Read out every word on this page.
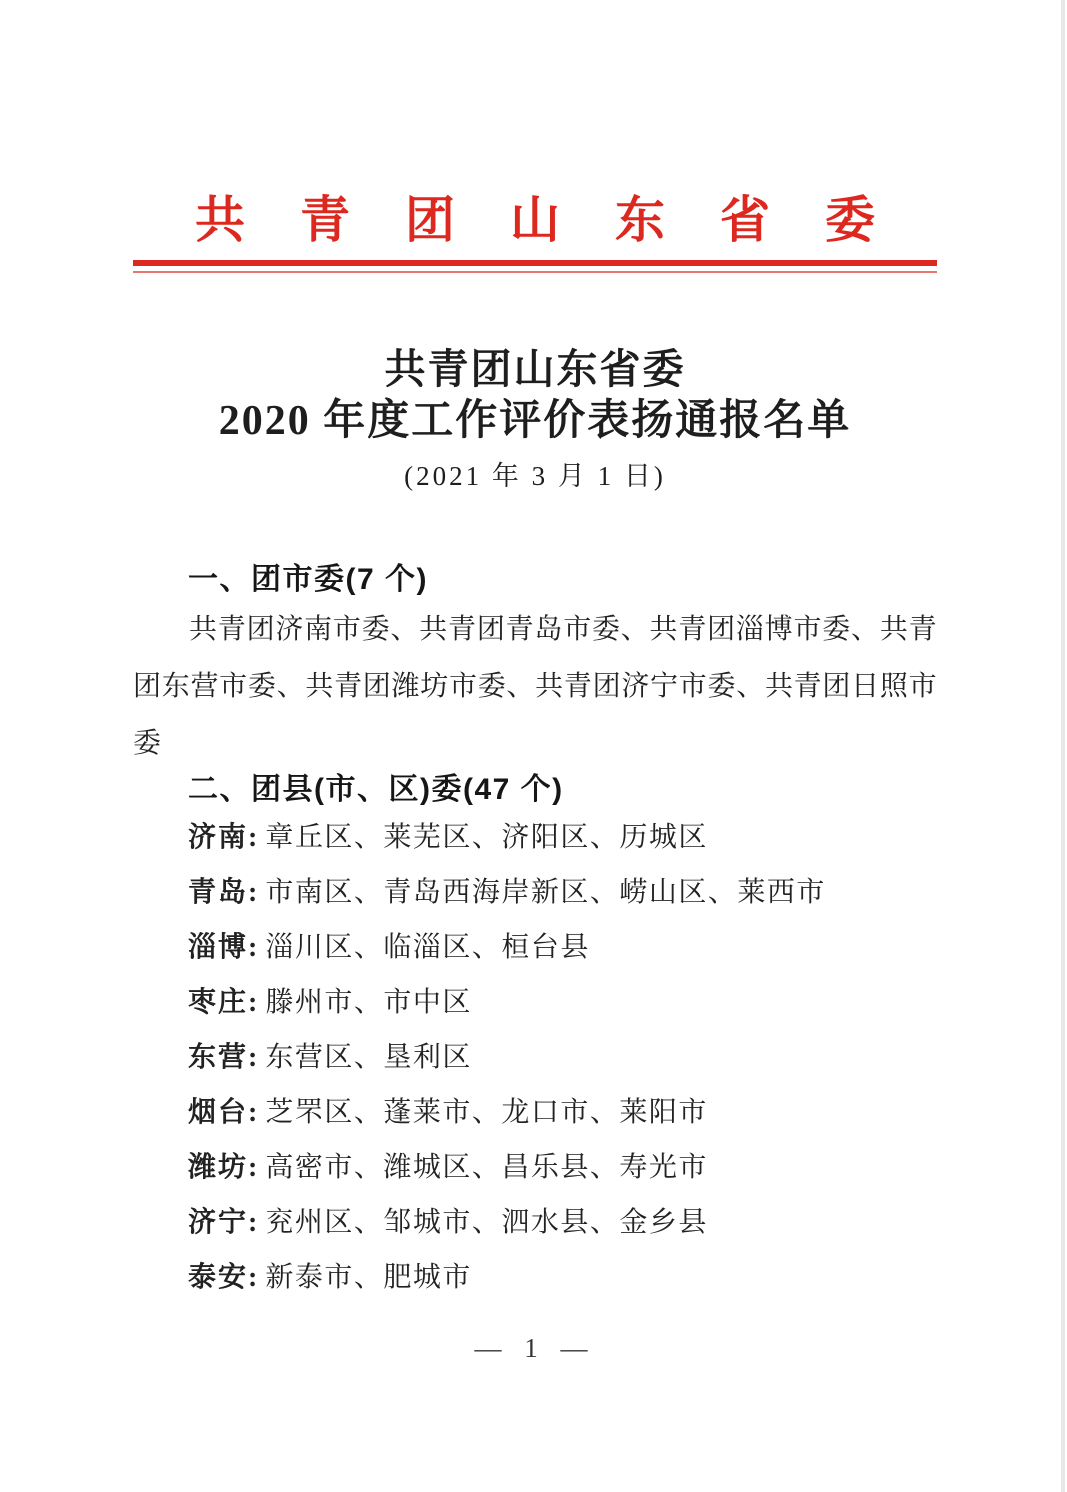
共青团山东省委
共青团山东省委
2020 年度工作评价表扬通报名单
(2021 年 3 月 1 日)
一、团市委(7 个)
共青团济南市委、共青团青岛市委、共青团淄博市委、共青团东营市委、共青团潍坊市委、共青团济宁市委、共青团日照市委
二、团县(市、区)委(47 个)
济南: 章丘区、莱芜区、济阳区、历城区
青岛: 市南区、青岛西海岸新区、崂山区、莱西市
淄博: 淄川区、临淄区、桓台县
枣庄: 滕州市、市中区
东营: 东营区、垦利区
烟台: 芝罘区、蓬莱市、龙口市、莱阳市
潍坊: 高密市、潍城区、昌乐县、寿光市
济宁: 兖州区、邹城市、泗水县、金乡县
泰安: 新泰市、肥城市
— 1 —
